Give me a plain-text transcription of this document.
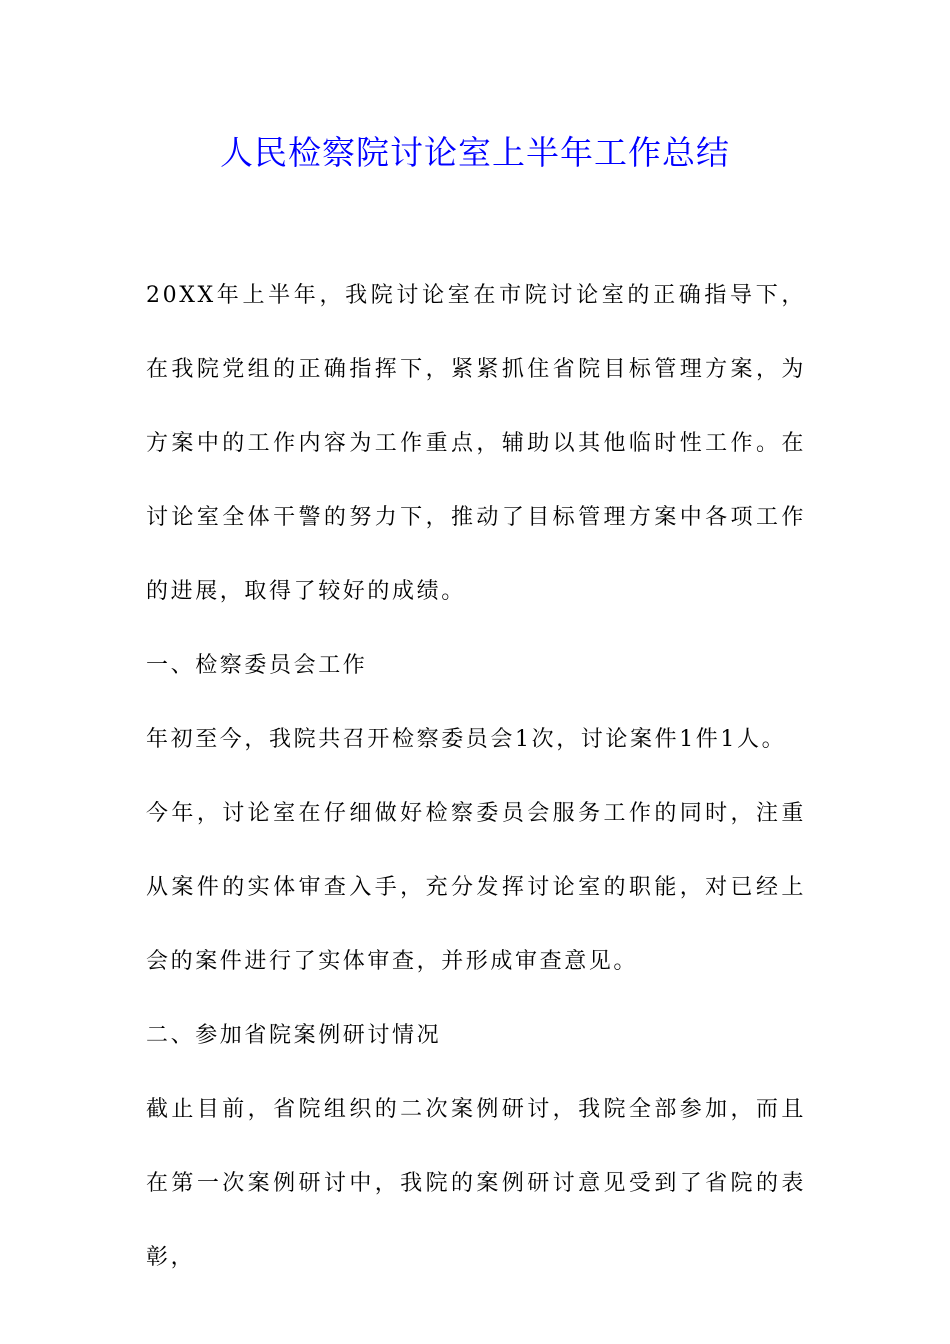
人民检察院讨论室上半年工作总结

20XX年上半年，我院讨论室在市院讨论室的正确指导下，在我院党组的正确指挥下，紧紧抓住省院目标管理方案，为方案中的工作内容为工作重点，辅助以其他临时性工作。在讨论室全体干警的努力下，推动了目标管理方案中各项工作的进展，取得了较好的成绩。

一、检察委员会工作

年初至今，我院共召开检察委员会1次，讨论案件1件1人。

今年，讨论室在仔细做好检察委员会服务工作的同时，注重从案件的实体审查入手，充分发挥讨论室的职能，对已经上会的案件进行了实体审查，并形成审查意见。

二、参加省院案例研讨情况

截止目前，省院组织的二次案例研讨，我院全部参加，而且在第一次案例研讨中，我院的案例研讨意见受到了省院的表彰，
